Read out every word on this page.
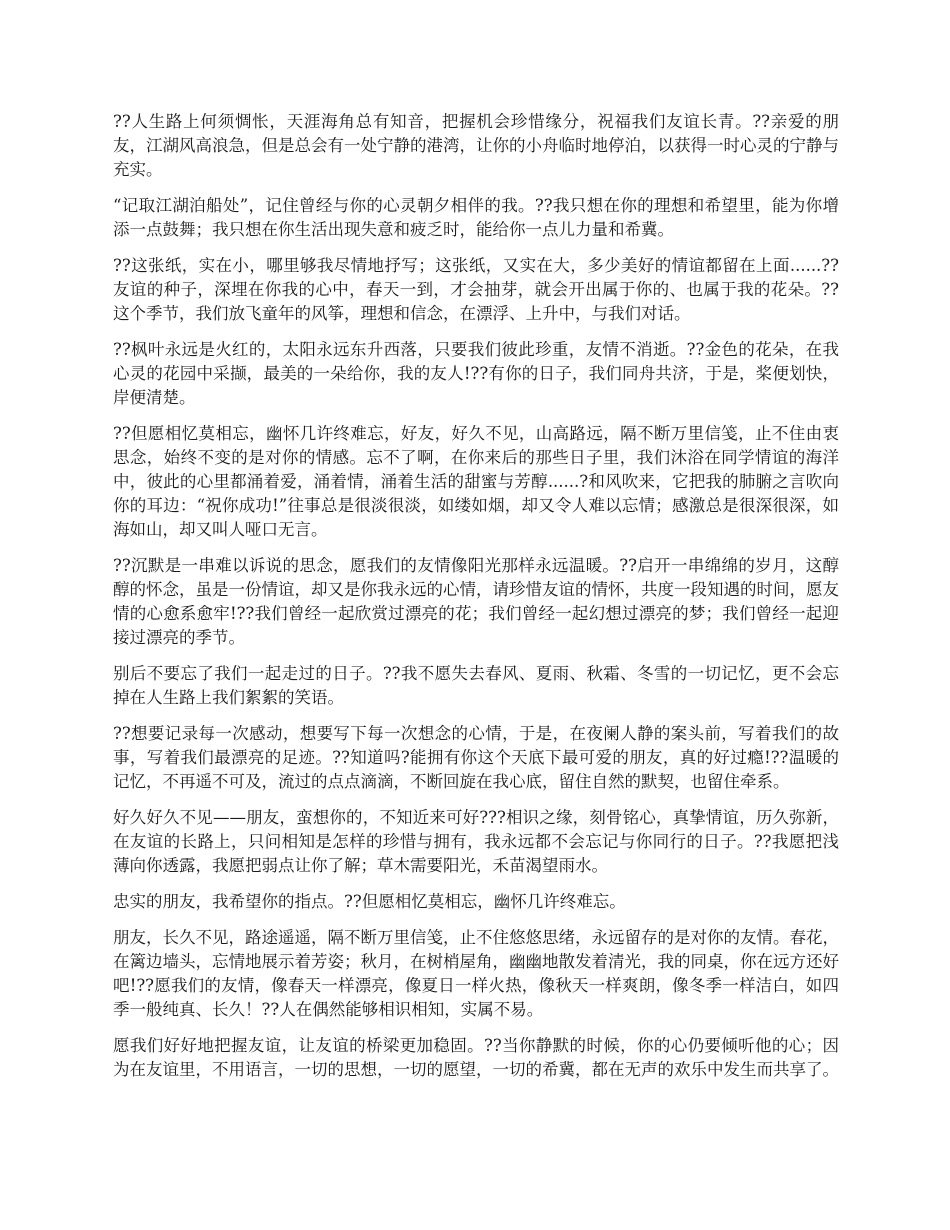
??人生路上何须惆怅，天涯海角总有知音，把握机会珍惜缘分，祝福我们友谊长青。??亲爱的朋友，江湖风高浪急，但是总会有一处宁静的港湾，让你的小舟临时地停泊，以获得一时心灵的宁静与充实。

“记取江湖泊船处”，记住曾经与你的心灵朝夕相伴的我。??我只想在你的理想和希望里，能为你增添一点鼓舞；我只想在你生活出现失意和疲乏时，能给你一点儿力量和希冀。

??这张纸，实在小，哪里够我尽情地抒写；这张纸，又实在大，多少美好的情谊都留在上面......??友谊的种子，深埋在你我的心中，春天一到，才会抽芽，就会开出属于你的、也属于我的花朵。??这个季节，我们放飞童年的风筝，理想和信念，在漂浮、上升中，与我们对话。

??枫叶永远是火红的，太阳永远东升西落，只要我们彼此珍重，友情不消逝。??金色的花朵，在我心灵的花园中采撷，最美的一朵给你，我的友人!??有你的日子，我们同舟共济，于是，桨便划快，岸便清楚。

??但愿相忆莫相忘，幽怀几许终难忘，好友，好久不见，山高路远，隔不断万里信笺，止不住由衷思念，始终不变的是对你的情感。忘不了啊，在你来后的那些日子里，我们沐浴在同学情谊的海洋中，彼此的心里都涌着爱，涌着情，涌着生活的甜蜜与芳醇......?和风吹来，它把我的肺腑之言吹向你的耳边：“祝你成功!”往事总是很淡很淡，如缕如烟，却又令人难以忘情；感激总是很深很深，如海如山，却又叫人哑口无言。

??沉默是一串难以诉说的思念，愿我们的友情像阳光那样永远温暖。??启开一串绵绵的岁月，这醇醇的怀念，虽是一份情谊，却又是你我永远的心情，请珍惜友谊的情怀，共度一段知遇的时间，愿友情的心愈系愈牢!??我们曾经一起欣赏过漂亮的花；我们曾经一起幻想过漂亮的梦；我们曾经一起迎接过漂亮的季节。

别后不要忘了我们一起走过的日子。??我不愿失去春风、夏雨、秋霜、冬雪的一切记忆，更不会忘掉在人生路上我们絮絮的笑语。

??想要记录每一次感动，想要写下每一次想念的心情，于是，在夜阑人静的案头前，写着我们的故事，写着我们最漂亮的足迹。??知道吗?能拥有你这个天底下最可爱的朋友，真的好过瘾!??温暖的记忆，不再遥不可及，流过的点点滴滴，不断回旋在我心底，留住自然的默契，也留住牵系。

好久好久不见——朋友，蛮想你的，不知近来可好???相识之缘，刻骨铭心，真挚情谊，历久弥新，在友谊的长路上，只问相知是怎样的珍惜与拥有，我永远都不会忘记与你同行的日子。??我愿把浅薄向你透露，我愿把弱点让你了解；草木需要阳光，禾苗渴望雨水。

忠实的朋友，我希望你的指点。??但愿相忆莫相忘，幽怀几许终难忘。

朋友，长久不见，路途遥遥，隔不断万里信笺，止不住悠悠思绪，永远留存的是对你的友情。春花，在篱边墙头，忘情地展示着芳姿；秋月，在树梢屋角，幽幽地散发着清光，我的同桌，你在远方还好吧!??愿我们的友情，像春天一样漂亮，像夏日一样火热，像秋天一样爽朗，像冬季一样洁白，如四季一般纯真、长久！??人在偶然能够相识相知，实属不易。

愿我们好好地把握友谊，让友谊的桥梁更加稳固。??当你静默的时候，你的心仍要倾听他的心；因为在友谊里，不用语言，一切的思想，一切的愿望，一切的希冀，都在无声的欢乐中发生而共享了。
